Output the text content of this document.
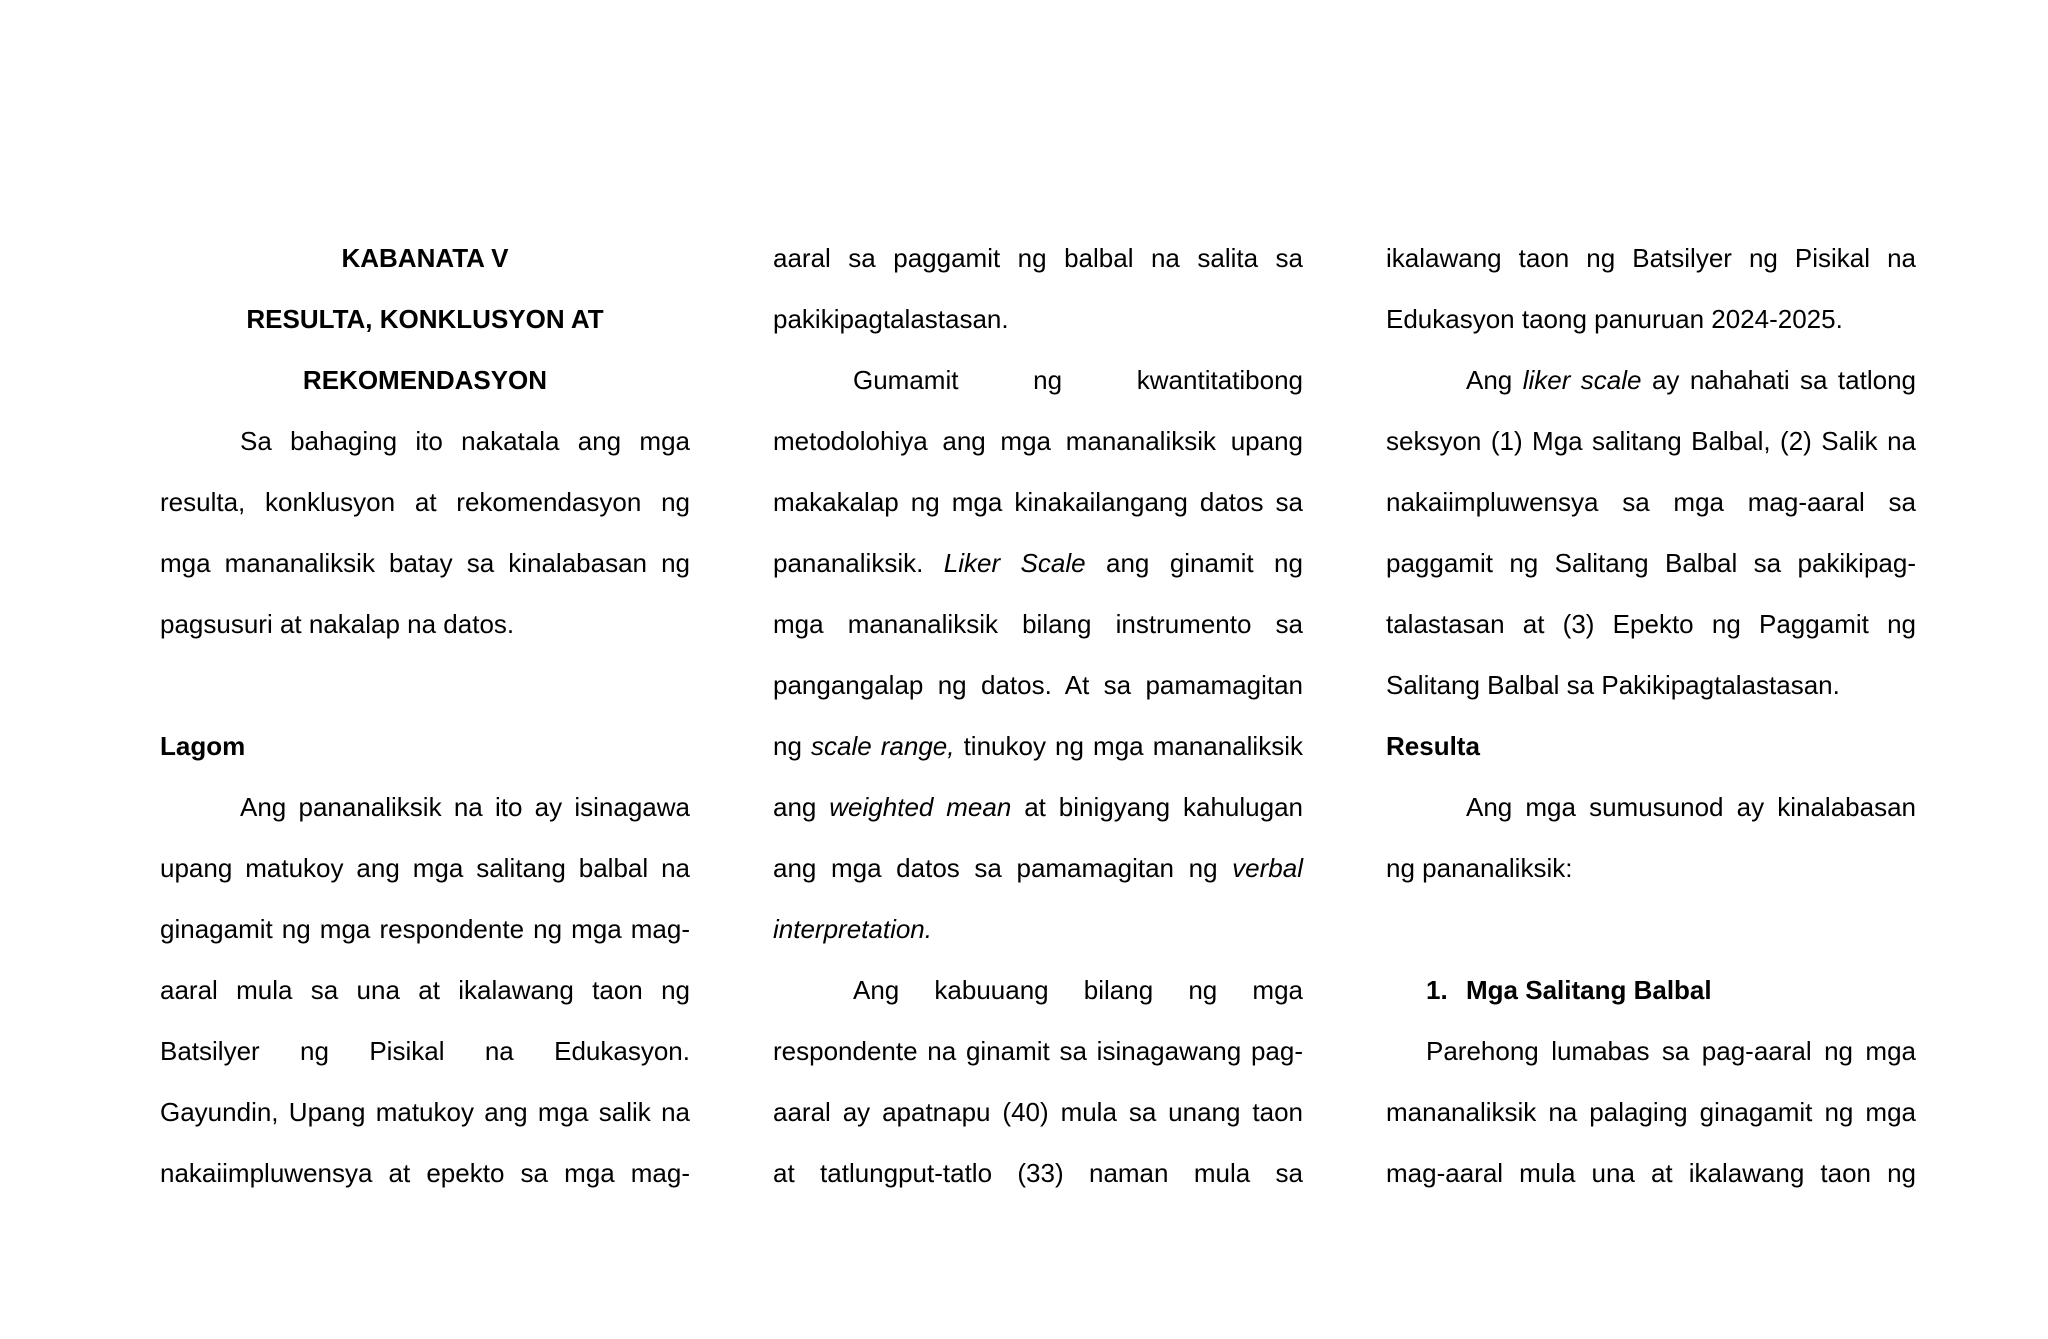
KABANATA V

RESULTA, KONKLUSYON AT

REKOMENDASYON

Sa bahaging ito nakatala ang mga
resulta, konklusyon at rekomendasyon ng
mga mananaliksik batay sa kinalabasan ng
pagsusuri at nakalap na datos.

Lagom

Ang pananaliksik na ito ay isinagawa
upang matukoy ang mga salitang balbal na
ginagamit ng mga respondente ng mga mag-
aaral mula sa una at ikalawang taon ng
Batsilyer ng Pisikal na Edukasyon.
Gayundin, Upang matukoy ang mga salik na
nakaiimpluwensya at epekto sa mga mag-
aaral sa paggamit ng balbal na salita sa
pakikipagtalastasan.
Gumamit ng kwantitatibong
metodolohiya ang mga mananaliksik upang
makakalap ng mga kinakailangang datos sa
pananaliksik. Liker Scale ang ginamit ng
mga mananaliksik bilang instrumento sa
pangangalap ng datos. At sa pamamagitan
ng scale range, tinukoy ng mga mananaliksik
ang weighted mean at binigyang kahulugan
ang mga datos sa pamamagitan ng verbal
interpretation.
Ang kabuuang bilang ng mga
respondente na ginamit sa isinagawang pag-
aaral ay apatnapu (40) mula sa unang taon
at tatlungput-tatlo (33) naman mula sa
ikalawang taon ng Batsilyer ng Pisikal na
Edukasyon taong panuruan 2024-2025.
Ang liker scale ay nahahati sa tatlong
seksyon (1) Mga salitang Balbal, (2) Salik na
nakaiimpluwensya sa mga mag-aaral sa
paggamit ng Salitang Balbal sa pakikipag-
talastasan at (3) Epekto ng Paggamit ng
Salitang Balbal sa Pakikipagtalastasan.

Resulta

Ang mga sumusunod ay kinalabasan
ng pananaliksik:

1. Mga Salitang Balbal

Parehong lumabas sa pag-aaral ng mga
mananaliksik na palaging ginagamit ng mga
mag-aaral mula una at ikalawang taon ng
